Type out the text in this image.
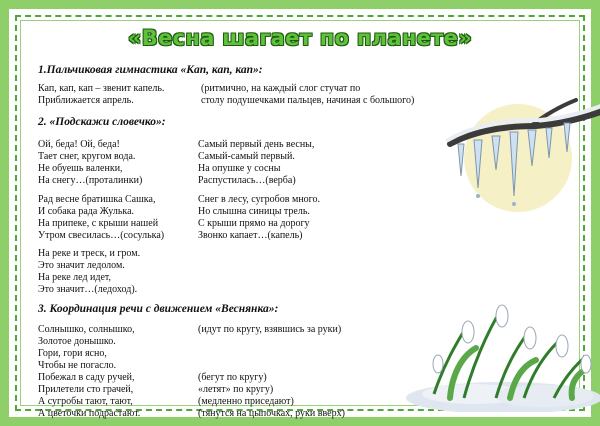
«Весна шагает по планете»
1.Пальчиковая гимнастика «Кап, кап, кап»:
Кап, кап, кап – звенит капель.
Приближается апрель.
(ритмично, на каждый слог стучат по
столу подушечками пальцев, начиная с большого)
2. «Подскажи словечко»:
Ой, беда! Ой, беда!
Тает снег, кругом вода.
Не обуешь валенки,
На снегу…(проталинки)
Самый первый день весны,
Самый-самый первый.
На опушке у сосны
Распустилась…(верба)
Рад весне братишка Сашка,
И собака рада Жулька.
На припеке, с крыши нашей
Утром свесилась…(сосулька)
Снег в лесу, сугробов много.
Но слышна синицы трель.
С крыши прямо на дорогу
Звонко капает…(капель)
На реке и треск, и гром.
Это значит ледолом.
На реке лед идет,
Это значит…(ледоход).
3. Координация речи с движением «Веснянка»:
Солнышко, солнышко,
Золотое донышко.
Гори, гори ясно,
Чтобы не погасло.
Побежал в саду ручей,
Прилетели сто грачей,
А сугробы тают, тают,
А цветочки подрастают.
(идут по кругу, взявшись за руки)
(бегут по кругу)
«летят» по кругу)
(медленно приседают)
(тянутся на цыпочках, руки вверх)
